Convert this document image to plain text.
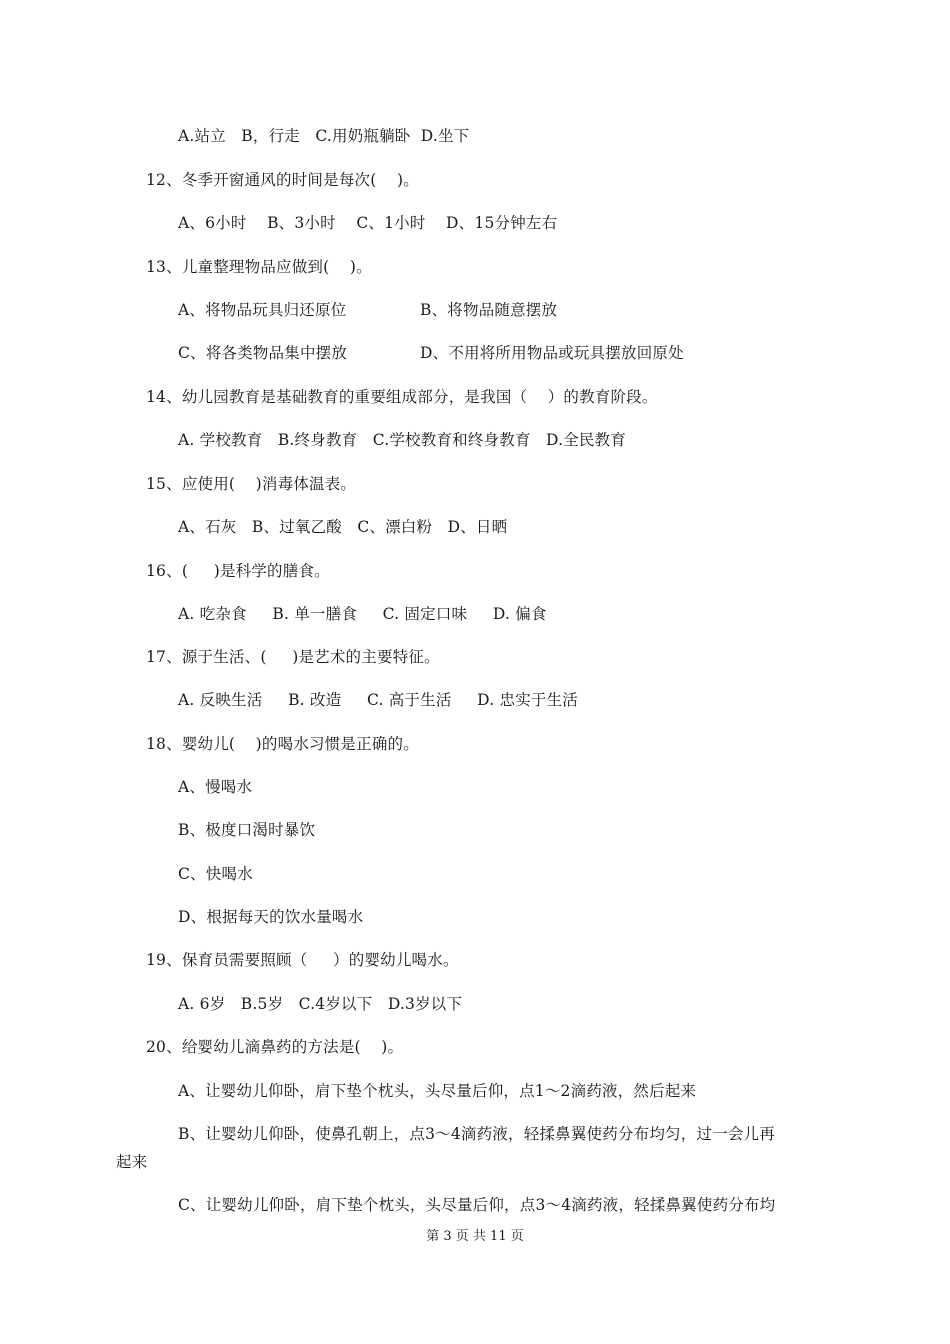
A.站立   B，行走   C.用奶瓶躺卧  D.坐下
12、冬季开窗通风的时间是每次(    )。
A、6小时    B、3小时    C、1小时    D、15分钟左右
13、儿童整理物品应做到(    )。
A、将物品玩具归还原位	B、将物品随意摆放
C、将各类物品集中摆放	D、不用将所用物品或玩具摆放回原处
14、幼儿园教育是基础教育的重要组成部分，是我国（    ）的教育阶段。
A. 学校教育   B.终身教育   C.学校教育和终身教育   D.全民教育
15、应使用(    )消毒体温表。
A、石灰   B、过氧乙酸   C、漂白粉   D、日晒
16、(     )是科学的膳食。
A. 吃杂食     B. 单一膳食     C. 固定口味     D. 偏食
17、源于生活、(     )是艺术的主要特征。
A. 反映生活     B. 改造     C. 高于生活     D. 忠实于生活
18、婴幼儿(    )的喝水习惯是正确的。
A、慢喝水
B、极度口渴时暴饮
C、快喝水
D、根据每天的饮水量喝水
19、保育员需要照顾（     ）的婴幼儿喝水。
A. 6岁   B.5岁   C.4岁以下   D.3岁以下
20、给婴幼儿滴鼻药的方法是(    )。
A、让婴幼儿仰卧，肩下垫个枕头，头尽量后仰，点1～2滴药液，然后起来
B、让婴幼儿仰卧，使鼻孔朝上，点3～4滴药液，轻揉鼻翼使药分布均匀，过一会儿再
起来
C、让婴幼儿仰卧，肩下垫个枕头，头尽量后仰，点3～4滴药液，轻揉鼻翼使药分布均
第 3 页 共 11 页
